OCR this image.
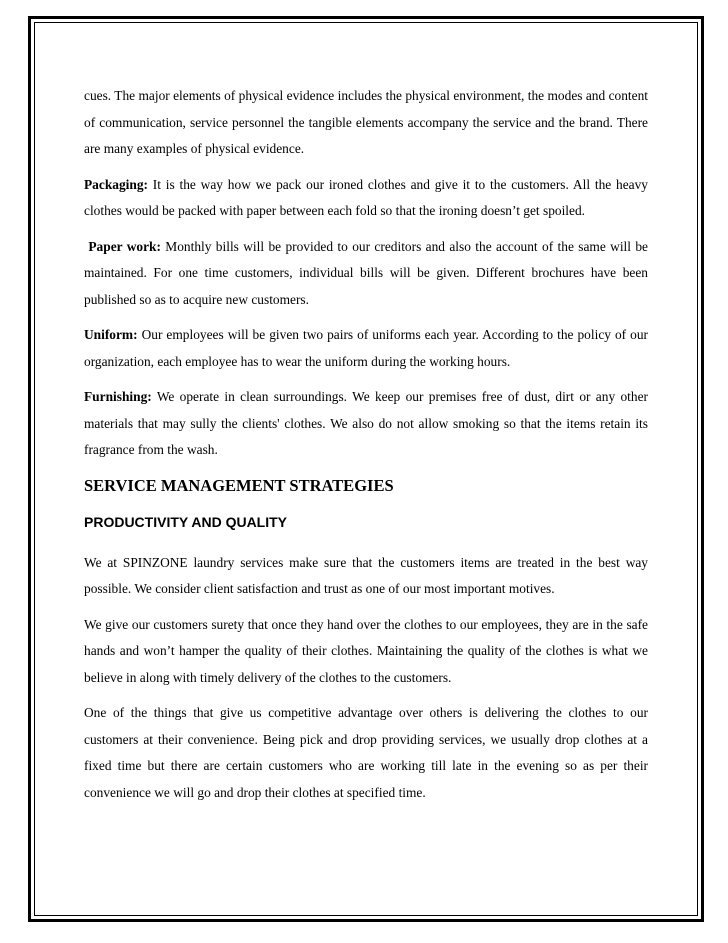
cues. The major elements of physical evidence includes the physical environment, the modes and content of communication, service personnel the tangible elements accompany the service and the brand. There are many examples of physical evidence.

Packaging: It is the way how we pack our ironed clothes and give it to the customers. All the heavy clothes would be packed with paper between each fold so that the ironing doesn’t get spoiled.

Paper work: Monthly bills will be provided to our creditors and also the account of the same will be maintained. For one time customers, individual bills will be given. Different brochures have been published so as to acquire new customers.

Uniform: Our employees will be given two pairs of uniforms each year. According to the policy of our organization, each employee has to wear the uniform during the working hours.

Furnishing: We operate in clean surroundings. We keep our premises free of dust, dirt or any other materials that may sully the clients' clothes. We also do not allow smoking so that the items retain its fragrance from the wash.

SERVICE MANAGEMENT STRATEGIES
PRODUCTIVITY AND QUALITY

We at SPINZONE laundry services make sure that the customers items are treated in the best way possible. We consider client satisfaction and trust as one of our most important motives.

We give our customers surety that once they hand over the clothes to our employees, they are in the safe hands and won’t hamper the quality of their clothes. Maintaining the quality of the clothes is what we believe in along with timely delivery of the clothes to the customers.

One of the things that give us competitive advantage over others is delivering the clothes to our customers at their convenience. Being pick and drop providing services, we usually drop clothes at a fixed time but there are certain customers who are working till late in the evening so as per their convenience we will go and drop their clothes at specified time.
